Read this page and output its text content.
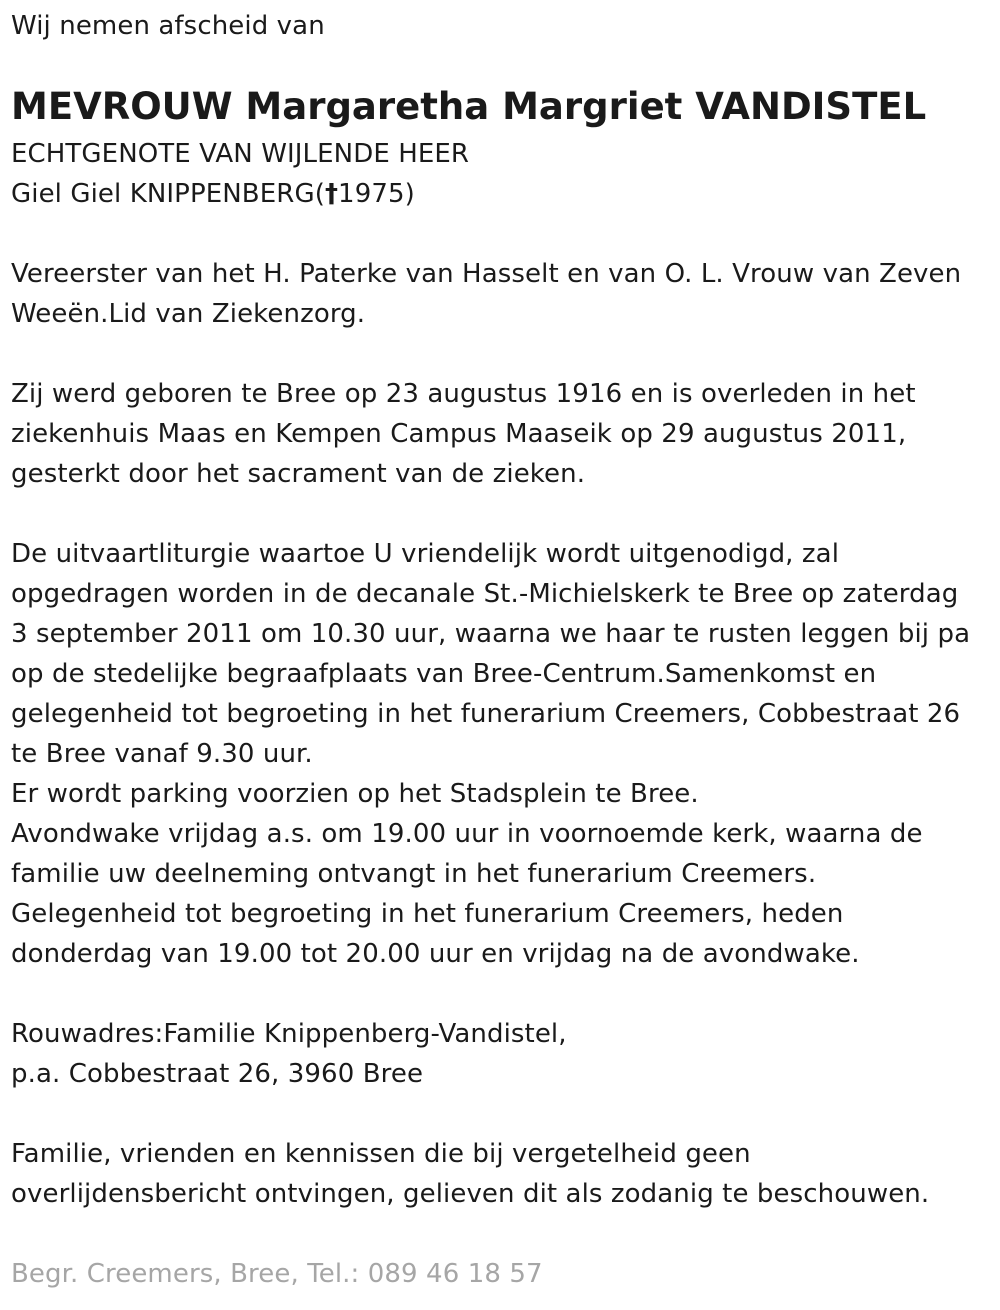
Wij nemen afscheid van
MEVROUW Margaretha Margriet VANDISTEL
ECHTGENOTE VAN WIJLENDE HEER
Giel Giel KNIPPENBERG(†1975)
Vereerster van het H. Paterke van Hasselt en van O. L. Vrouw van Zeven
Weeën.Lid van Ziekenzorg.
Zij werd geboren te Bree op 23 augustus 1916 en is overleden in het
ziekenhuis Maas en Kempen Campus Maaseik op 29 augustus 2011,
gesterkt door het sacrament van de zieken.
De uitvaartliturgie waartoe U vriendelijk wordt uitgenodigd, zal
opgedragen worden in de decanale St.-Michielskerk te Bree op zaterdag
3 september 2011 om 10.30 uur, waarna we haar te rusten leggen bij pa
op de stedelijke begraafplaats van Bree-Centrum.Samenkomst en
gelegenheid tot begroeting in het funerarium Creemers, Cobbestraat 26
te Bree vanaf 9.30 uur.
Er wordt parking voorzien op het Stadsplein te Bree.
Avondwake vrijdag a.s. om 19.00 uur in voornoemde kerk, waarna de
familie uw deelneming ontvangt in het funerarium Creemers.
Gelegenheid tot begroeting in het funerarium Creemers, heden
donderdag van 19.00 tot 20.00 uur en vrijdag na de avondwake.
Rouwadres:Familie Knippenberg-Vandistel,
p.a. Cobbestraat 26, 3960 Bree
Familie, vrienden en kennissen die bij vergetelheid geen
overlijdensbericht ontvingen, gelieven dit als zodanig te beschouwen.
Begr. Creemers, Bree, Tel.: 089 46 18 57
